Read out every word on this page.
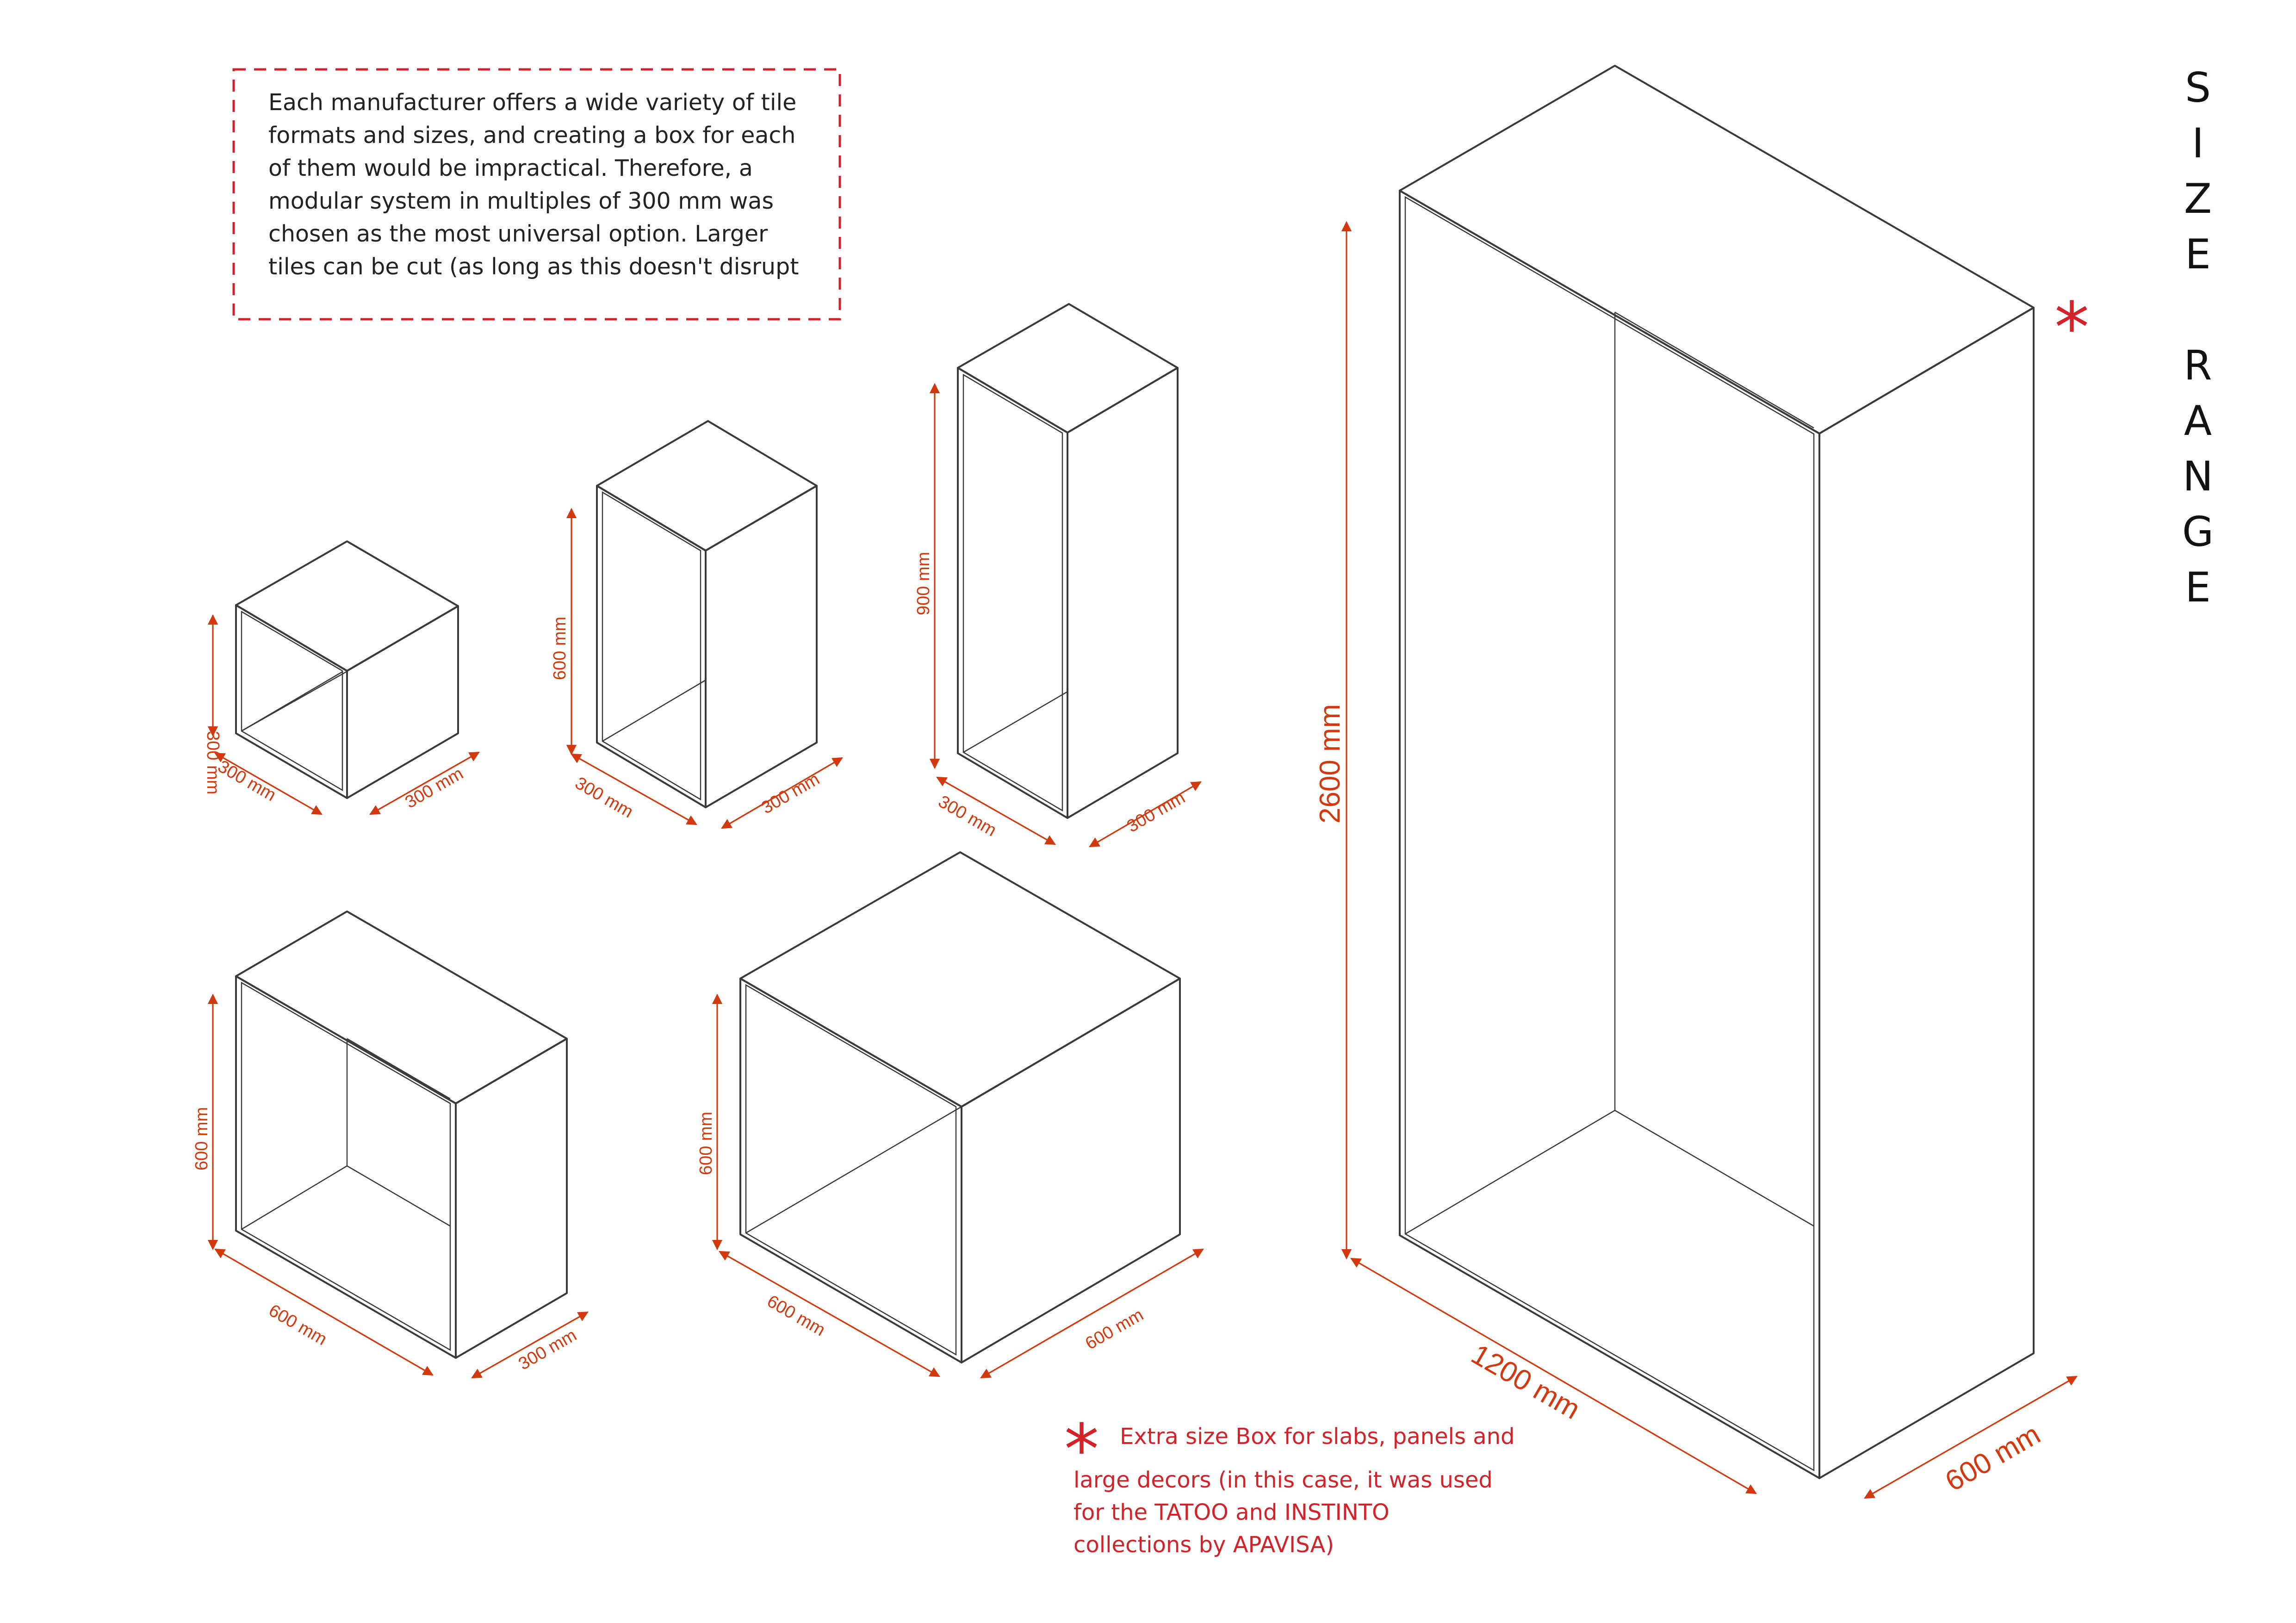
300 mm
300 mm	300 mm
600 mm
300 mm	300 mm
900 mm
300 mm	300 mm
600 mm
600 mm
300 mm
600 mm
600 mm	600 mm
2600 mm
1200 mm
600 mm
*
*
Each manufacturer offers a wide variety of tile
formats and sizes, and creating a box for each
of them would be impractical. Therefore, a
modular system in multiples of 300 mm was
chosen as the most universal option. Larger
tiles can be cut (as long as this doesn't disrupt
S
I
Z
E
R
A
N
G
E
Extra size Box for slabs, panels and
large decors (in this case, it was used
for the TATOO and INSTINTO
collections by APAVISA)
